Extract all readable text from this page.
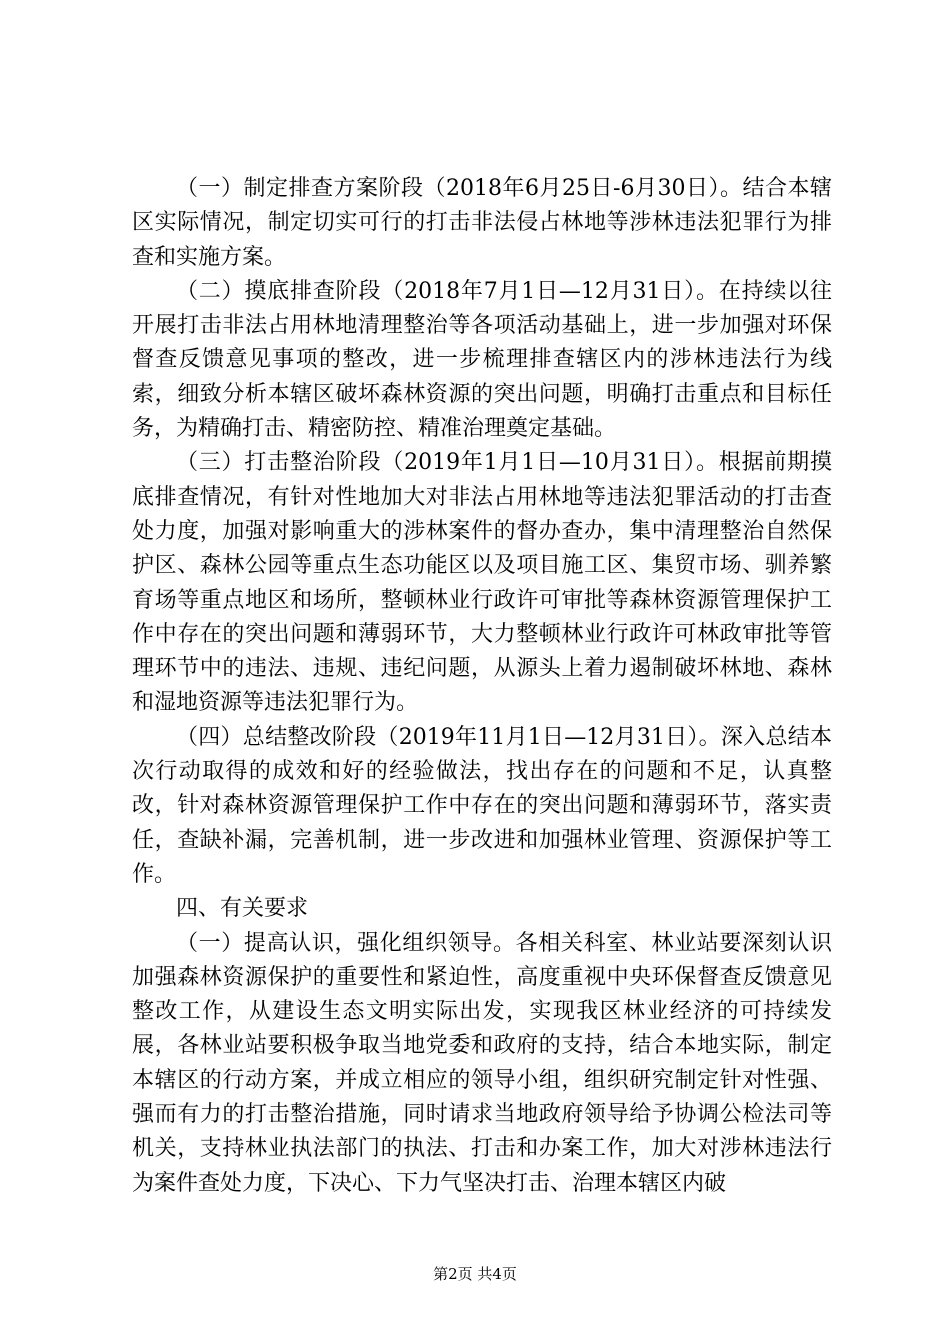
（一）制定排查方案阶段（2018年6月25日-6月30日）。结合本辖区实际情况，制定切实可行的打击非法侵占林地等涉林违法犯罪行为排查和实施方案。

（二）摸底排查阶段（2018年7月1日—12月31日）。在持续以往开展打击非法占用林地清理整治等各项活动基础上，进一步加强对环保督查反馈意见事项的整改，进一步梳理排查辖区内的涉林违法行为线索，细致分析本辖区破坏森林资源的突出问题，明确打击重点和目标任务，为精确打击、精密防控、精准治理奠定基础。

（三）打击整治阶段（2019年1月1日—10月31日）。根据前期摸底排查情况，有针对性地加大对非法占用林地等违法犯罪活动的打击查处力度，加强对影响重大的涉林案件的督办查办，集中清理整治自然保护区、森林公园等重点生态功能区以及项目施工区、集贸市场、驯养繁育场等重点地区和场所，整顿林业行政许可审批等森林资源管理保护工作中存在的突出问题和薄弱环节，大力整顿林业行政许可林政审批等管理环节中的违法、违规、违纪问题，从源头上着力遏制破坏林地、森林和湿地资源等违法犯罪行为。

（四）总结整改阶段（2019年11月1日—12月31日）。深入总结本次行动取得的成效和好的经验做法，找出存在的问题和不足，认真整改，针对森林资源管理保护工作中存在的突出问题和薄弱环节，落实责任，查缺补漏，完善机制，进一步改进和加强林业管理、资源保护等工作。

四、有关要求

（一）提高认识，强化组织领导。各相关科室、林业站要深刻认识加强森林资源保护的重要性和紧迫性，高度重视中央环保督查反馈意见整改工作，从建设生态文明实际出发，实现我区林业经济的可持续发展，各林业站要积极争取当地党委和政府的支持，结合本地实际，制定本辖区的行动方案，并成立相应的领导小组，组织研究制定针对性强、强而有力的打击整治措施，同时请求当地政府领导给予协调公检法司等机关，支持林业执法部门的执法、打击和办案工作，加大对涉林违法行为案件查处力度，下决心、下力气坚决打击、治理本辖区内破

第2页 共4页
